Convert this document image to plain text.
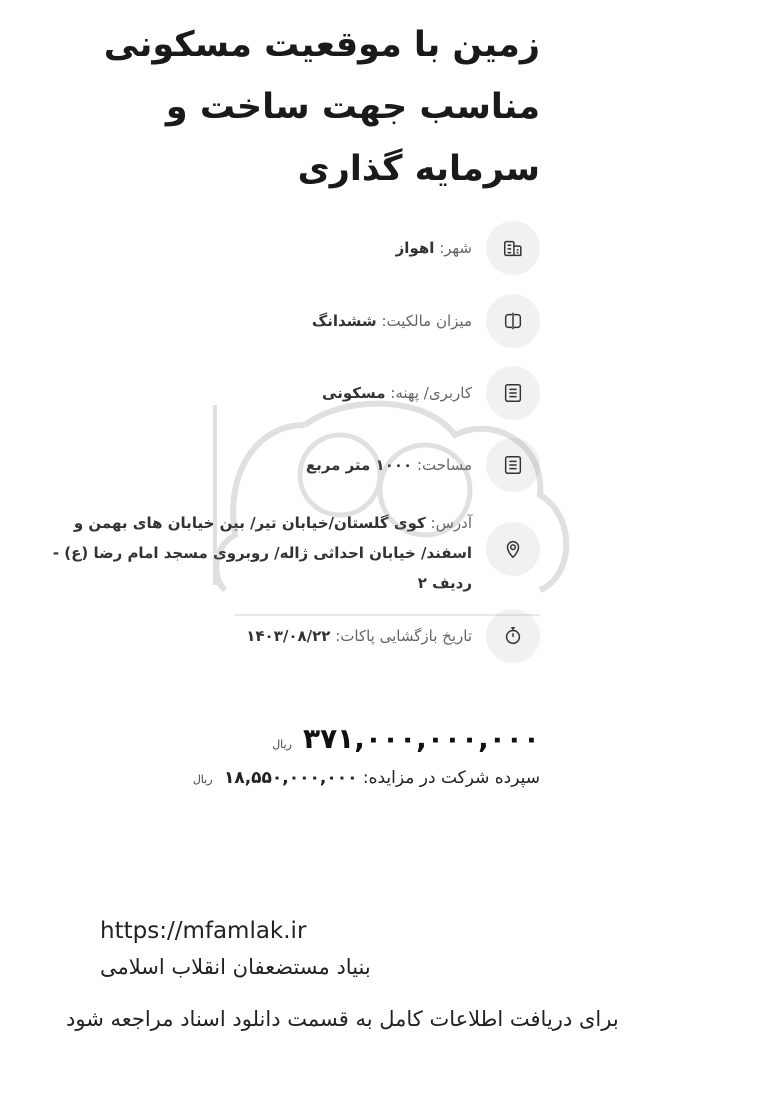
زمین با موقعیت مسکونی مناسب جهت ساخت و سرمایه گذاری
شهر: اهواز
میزان مالکیت: ششدانگ
کاربری/ پهنه: مسکونی
مساحت: ۱۰۰۰ متر مربع
آدرس: کوی گلستان/خیابان تیر/ بین خیابان های بهمن و اسفند/ خیابان احداثی ژاله/ روبروی مسجد امام رضا (ع) - ردیف ۲
تاریخ بازگشایی پاکات: ۱۴۰۳/۰۸/۲۲
۳۷۱,۰۰۰,۰۰۰,۰۰۰ ریال
سپرده شرکت در مزایده: ۱۸,۵۵۰,۰۰۰,۰۰۰ ریال
https://mfamlak.ir
بنیاد مستضعفان انقلاب اسلامی
برای دریافت اطلاعات کامل به قسمت دانلود اسناد مراجعه شود
